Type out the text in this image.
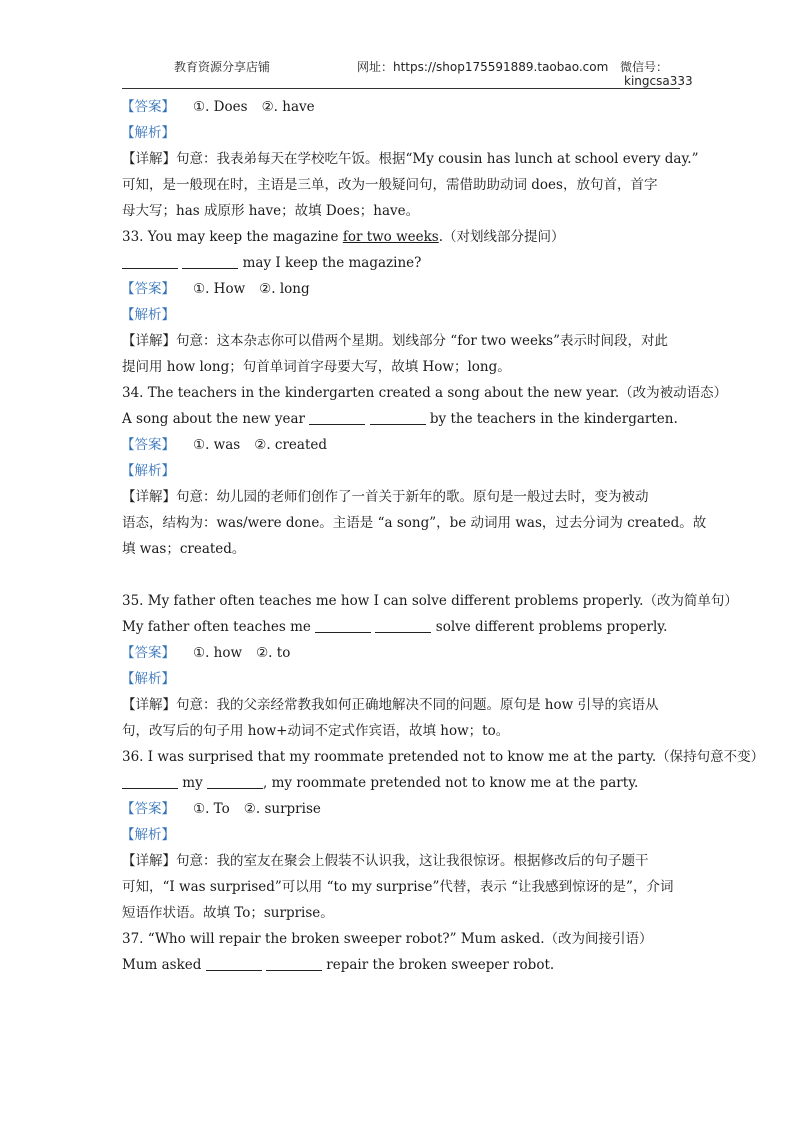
教育资源分享店铺	网址：https://shop175591889.taobao.com 微信号：
kingcsa333
【答案】 ①. Does ②. have
【解析】
【详解】句意：我表弟每天在学校吃午饭。根据“My cousin has lunch at school every day.”
可知，是一般现在时，主语是三单，改为一般疑问句，需借助助动词 does，放句首，首字
母大写；has 成原形 have；故填 Does；have。
33. You may keep the magazine for two weeks.（对划线部分提问）
may I keep the magazine?
【答案】 ①. How ②. long
【解析】
【详解】句意：这本杂志你可以借两个星期。划线部分 “for two weeks”表示时间段，对此
提问用 how long；句首单词首字母要大写，故填 How；long。
34. The teachers in the kindergarten created a song about the new year.（改为被动语态）
A song about the new year	by the teachers in the kindergarten.
【答案】 ①. was ②. created
【解析】
【详解】句意：幼儿园的老师们创作了一首关于新年的歌。原句是一般过去时，变为被动
语态，结构为：was/were done。主语是 “a song”，be 动词用 was，过去分词为 created。故
填 was；created。
35. My father often teaches me how I can solve different problems properly.（改为简单句）
My father often teaches me	solve different problems properly.
【答案】 ①. how ②. to
【解析】
【详解】句意：我的父亲经常教我如何正确地解决不同的问题。原句是 how 引导的宾语从
句，改写后的句子用 how+动词不定式作宾语，故填 how；to。
36. I was surprised that my roommate pretended not to know me at the party.（保持句意不变）
my	, my roommate pretended not to know me at the party.
【答案】 ①. To ②. surprise
【解析】
【详解】句意：我的室友在聚会上假装不认识我，这让我很惊讶。根据修改后的句子题干
可知，“I was surprised”可以用 “to my surprise”代替，表示 “让我感到惊讶的是”，介词
短语作状语。故填 To；surprise。
37. “Who will repair the broken sweeper robot?” Mum asked.（改为间接引语）
Mum asked	repair the broken sweeper robot.
